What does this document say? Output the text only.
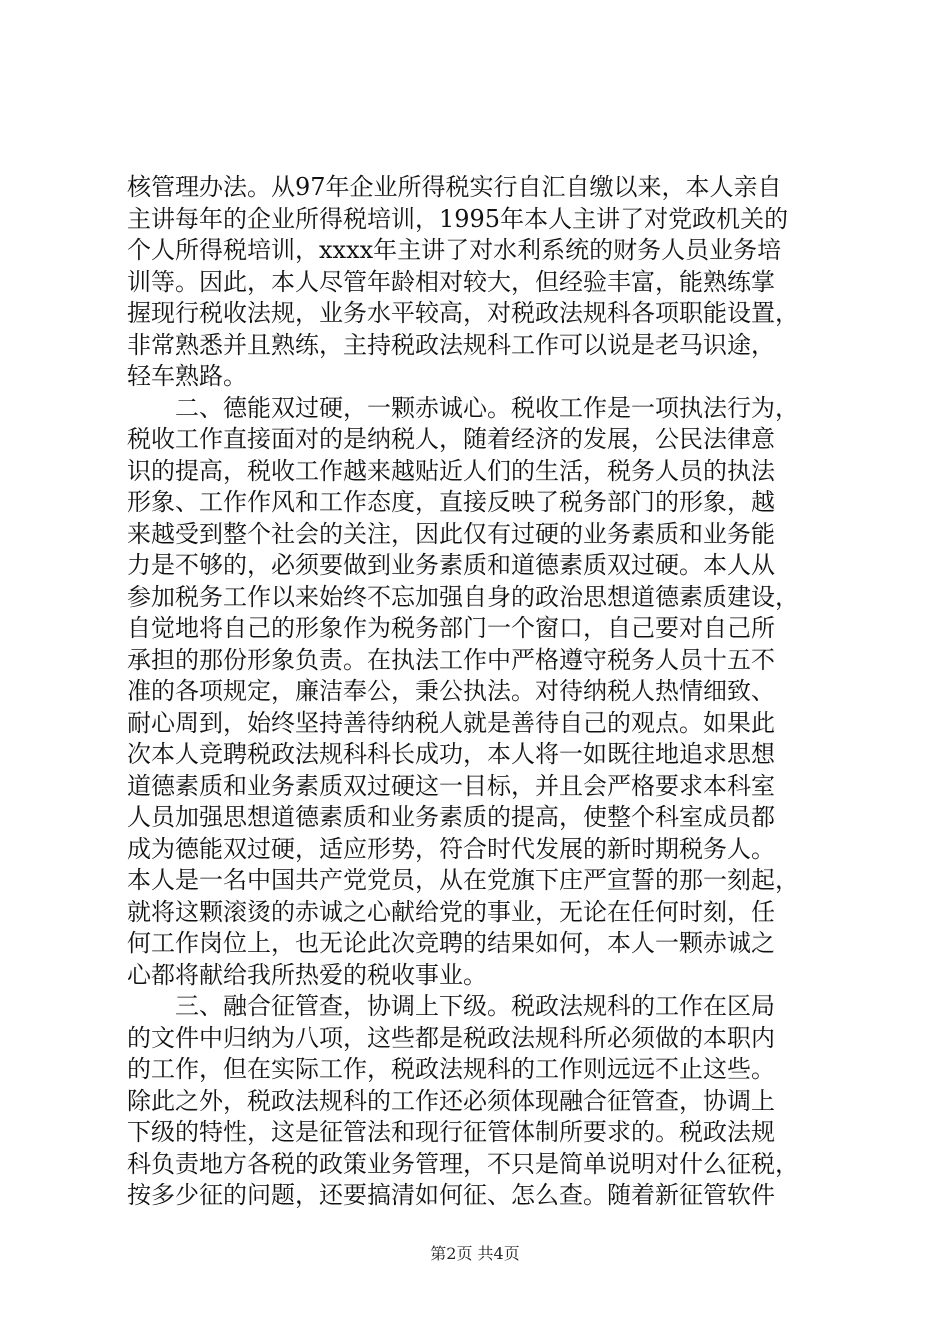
核管理办法。从97年企业所得税实行自汇自缴以来，本人亲自
主讲每年的企业所得税培训，1995年本人主讲了对党政机关的
个人所得税培训，xxxx年主讲了对水利系统的财务人员业务培
训等。因此，本人尽管年龄相对较大，但经验丰富，能熟练掌
握现行税收法规，业务水平较高，对税政法规科各项职能设置，
非常熟悉并且熟练，主持税政法规科工作可以说是老马识途，
轻车熟路。
　　二、德能双过硬，一颗赤诚心。税收工作是一项执法行为，
税收工作直接面对的是纳税人，随着经济的发展，公民法律意
识的提高，税收工作越来越贴近人们的生活，税务人员的执法
形象、工作作风和工作态度，直接反映了税务部门的形象，越
来越受到整个社会的关注，因此仅有过硬的业务素质和业务能
力是不够的，必须要做到业务素质和道德素质双过硬。本人从
参加税务工作以来始终不忘加强自身的政治思想道德素质建设，
自觉地将自己的形象作为税务部门一个窗口，自己要对自己所
承担的那份形象负责。在执法工作中严格遵守税务人员十五不
准的各项规定，廉洁奉公，秉公执法。对待纳税人热情细致、
耐心周到，始终坚持善待纳税人就是善待自己的观点。如果此
次本人竞聘税政法规科科长成功，本人将一如既往地追求思想
道德素质和业务素质双过硬这一目标，并且会严格要求本科室
人员加强思想道德素质和业务素质的提高，使整个科室成员都
成为德能双过硬，适应形势，符合时代发展的新时期税务人。
本人是一名中国共产党党员，从在党旗下庄严宣誓的那一刻起，
就将这颗滚烫的赤诚之心献给党的事业，无论在任何时刻，任
何工作岗位上，也无论此次竞聘的结果如何，本人一颗赤诚之
心都将献给我所热爱的税收事业。
　　三、融合征管查，协调上下级。税政法规科的工作在区局
的文件中归纳为八项，这些都是税政法规科所必须做的本职内
的工作，但在实际工作，税政法规科的工作则远远不止这些。
除此之外，税政法规科的工作还必须体现融合征管查，协调上
下级的特性，这是征管法和现行征管体制所要求的。税政法规
科负责地方各税的政策业务管理，不只是简单说明对什么征税，
按多少征的问题，还要搞清如何征、怎么查。随着新征管软件
第2页 共4页
